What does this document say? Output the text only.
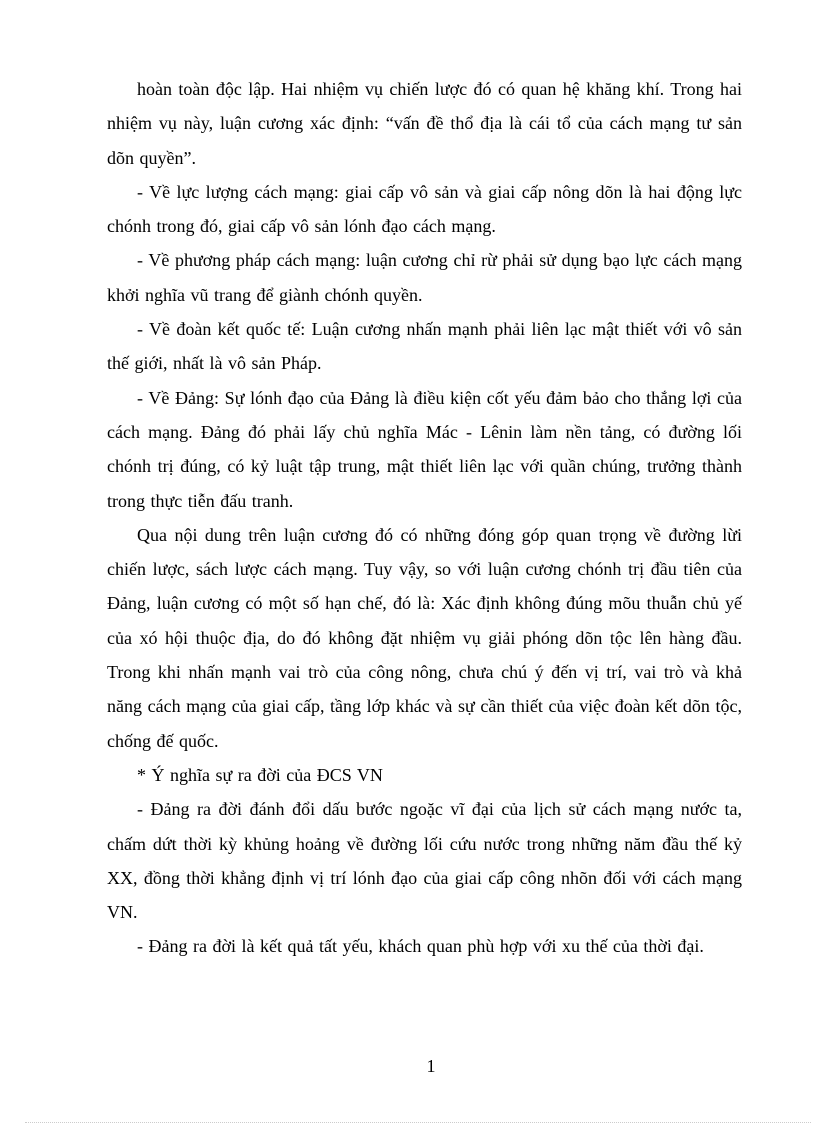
hoàn toàn độc lập. Hai nhiệm vụ chiến lược đó có quan hệ khăng khí. Trong hai nhiệm vụ này, luận cương xác định: “vấn đề thổ địa là cái tổ của cách mạng tư sản dõn quyền”.

- Về lực lượng cách mạng: giai cấp vô sản và giai cấp nông dõn là hai động lực chónh trong đó, giai cấp vô sản lónh đạo cách mạng.

- Về phương pháp cách mạng: luận cương chỉ rừ phải sử dụng bạo lực cách mạng khởi nghĩa vũ trang để giành chónh quyền.

- Về đoàn kết quốc tế: Luận cương nhấn mạnh phải liên lạc mật thiết với vô sản thế giới, nhất là vô sản Pháp.

- Về Đảng: Sự lónh đạo của Đảng là điều kiện cốt yếu đảm bảo cho thắng lợi của cách mạng. Đảng đó phải lấy chủ nghĩa Mác - Lênin làm nền tảng, có đường lối chónh trị đúng, có kỷ luật tập trung, mật thiết liên lạc với quần chúng, trưởng thành trong thực tiễn đấu tranh.

Qua nội dung trên luận cương đó có những đóng góp quan trọng về đường lừi chiến lược, sách lược cách mạng. Tuy vậy, so với luận cương chónh trị đầu tiên của Đảng, luận cương có một số hạn chế, đó là: Xác định không đúng mõu thuẫn chủ yế của xó hội thuộc địa, do đó không đặt nhiệm vụ giải phóng dõn tộc lên hàng đầu. Trong khi nhấn mạnh vai trò của công nông, chưa chú ý đến vị trí, vai trò và khả năng cách mạng của giai cấp, tầng lớp khác và sự cần thiết của việc đoàn kết dõn tộc, chống đế quốc.

* Ý nghĩa sự ra đời của ĐCS VN

- Đảng ra đời đánh đổi dấu bước ngoặc vĩ đại của lịch sử cách mạng nước ta, chấm dứt thời kỳ khủng hoảng về đường lối cứu nước trong những năm đầu thế kỷ XX, đồng thời khẳng định vị trí lónh đạo của giai cấp công nhõn đối với cách mạng VN.

- Đảng ra đời là kết quả tất yếu, khách quan phù hợp với xu thế của thời đại.

1
